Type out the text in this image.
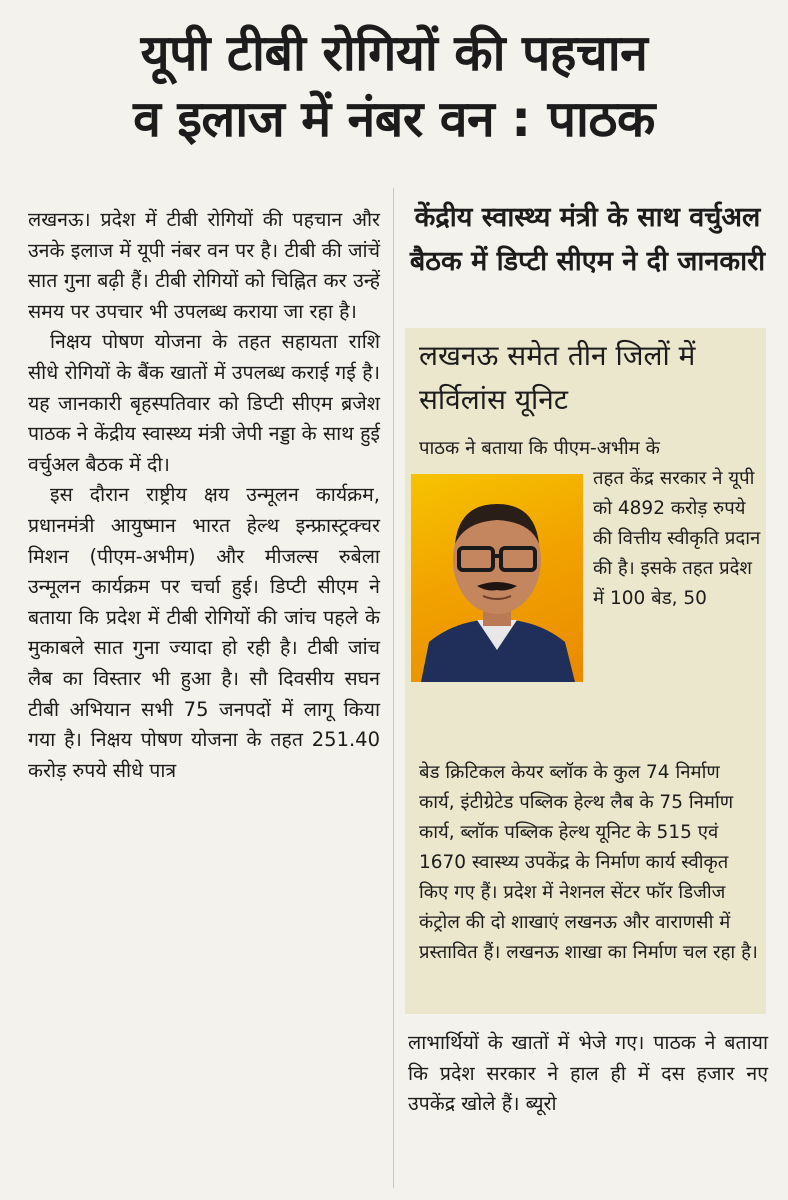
यूपी टीबी रोगियों की पहचान
व इलाज में नंबर वन : पाठक

लखनऊ। प्रदेश में टीबी रोगियों की पहचान और उनके इलाज में यूपी नंबर वन पर है। टीबी की जांचें सात गुना बढ़ी हैं। टीबी रोगियों को चिह्नित कर उन्हें समय पर उपचार भी उपलब्ध कराया जा रहा है।

निक्षय पोषण योजना के तहत सहायता राशि सीधे रोगियों के बैंक खातों में उपलब्ध कराई गई है। यह जानकारी बृहस्पतिवार को डिप्टी सीएम ब्रजेश पाठक ने केंद्रीय स्वास्थ्य मंत्री जेपी नड्डा के साथ हुई वर्चुअल बैठक में दी।

इस दौरान राष्ट्रीय क्षय उन्मूलन कार्यक्रम, प्रधानमंत्री आयुष्मान भारत हेल्थ इन्फ्रास्ट्रक्चर मिशन (पीएम-अभीम) और मीजल्स रुबेला उन्मूलन कार्यक्रम पर चर्चा हुई। डिप्टी सीएम ने बताया कि प्रदेश में टीबी रोगियों की जांच पहले के मुकाबले सात गुना ज्यादा हो रही है। टीबी जांच लैब का विस्तार भी हुआ है। सौ दिवसीय सघन टीबी अभियान सभी 75 जनपदों में लागू किया गया है। निक्षय पोषण योजना के तहत 251.40 करोड़ रुपये सीधे पात्र

केंद्रीय स्वास्थ्य मंत्री के साथ वर्चुअल बैठक में डिप्टी सीएम ने दी जानकारी
लखनऊ समेत तीन जिलों में सर्विलांस यूनिट
पाठक ने बताया कि पीएम-अभीम के
तहत केंद्र सरकार ने यूपी को 4892 करोड़ रुपये की वित्तीय स्वीकृति प्रदान की है। इसके तहत प्रदेश में 100 बेड, 50
बेड क्रिटिकल केयर ब्लॉक के कुल 74 निर्माण कार्य, इंटीग्रेटेड पब्लिक हेल्थ लैब के 75 निर्माण कार्य, ब्लॉक पब्लिक हेल्थ यूनिट के 515 एवं 1670 स्वास्थ्य उपकेंद्र के निर्माण कार्य स्वीकृत किए गए हैं। प्रदेश में नेशनल सेंटर फॉर डिजीज कंट्रोल की दो शाखाएं लखनऊ और वाराणसी में प्रस्तावित हैं। लखनऊ शाखा का निर्माण चल रहा है।

लाभार्थियों के खातों में भेजे गए। पाठक ने बताया कि प्रदेश सरकार ने हाल ही में दस हजार नए उपकेंद्र खोले हैं। ब्यूरो
